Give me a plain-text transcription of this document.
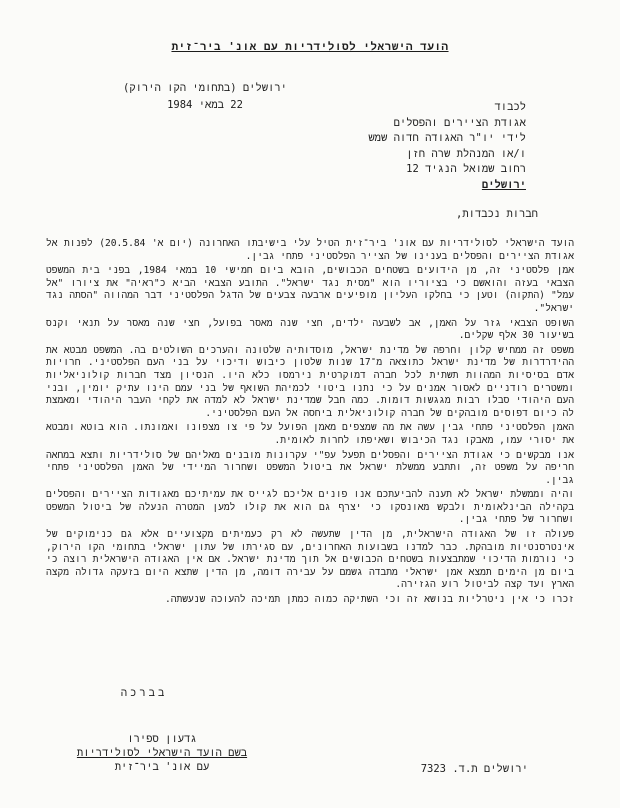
הועד הישראלי לסולידריות עם אונ' ביר־זית
ירושלים (בתחומי הקו הירוק)
22 במאי 1984	לכבוד
אגודת הציירים והפסלים
לידי יו"ר האגודה חדוה שמש
ו/או המנהלת שרה חזן
רחוב שמואל הנגיד 12
ירושלים
חברות נכבדות,

הועד הישראלי לסולידריות עם אונ' ביר־זית הטיל עלי בישיבתו האחרונה (יום א' 20.5.84) לפנות אל אגודת הציירים והפסלים בענינו של הצייר הפלסטיני פתחי גבין.

אמן פלסטיני זה, מן הידועים בשטחים הכבושים, הובא ביום חמישי 10 במאי 1984, בפני בית המשפט הצבאי בעזה והואשם כי בציוריו הוא "מסית נגד ישראל". התובע הצבאי הביא כ"ראיה" את ציורו "אל עמל" (התקוה) וטען כי בחלקו העליון מופיעים ארבעה צבעים של הדגל הפלסטיני דבר המהווה "הסתה נגד ישראל".

השופט הצבאי גזר על האמן, אב לשבעה ילדים, חצי שנה מאסר בפועל, חצי שנה מאסר על תנאי וקנס בשיעור 30 אלף שקלים.

משפט זה ממחיש קלון וחרפה של מדינת ישראל, מוסדותיה שלטונה והערכים השולטים בה. המשפט מבטא את ההידרדרות של מדינת ישראל כתוצאה מ־17 שנות שלטון כיבוש ודיכוי על בני העם הפלסטיני. חרויות אדם בסיסיות המהוות תשתית לכל חברה דמוקרטית נירמסו כלא היו. הנסיון מצד חברות קולוניאליות ומשטרים רודניים לאסור אמנים על כי נתנו ביטוי לכמיהת השואף של בני עמם הינו עתיק יומין, ובני העם היהודי סבלו רבות מגגשות דומות. כמה חבל שמדינת ישראל לא למדה את לקחי העבר היהודי ומאמצת לה כיום דפוסים מובהקים של חברה קולוניאלית ביחסה אל העם הפלסטיני.

האמן הפלסטיני פתחי גבין עשה את מה שמצפים מאמן הפועל על פי צו מצפונו ואמונתו. הוא בוטא ומבטא את יסורי עמו, מאבקו נגד הכיבוש ושאיפתו לחרות לאומית.

אנו מבקשים כי אגודת הציירים והפסלים תפעל עפ"י עקרונות מובנים מאליהם של סולידריות ותצא במחאה חריפה על משפט זה, ותתבע ממשלת ישראל את ביטול המשפט ושחרור המיידי של האמן הפלסטיני פתחי גבין.

והיה וממשלת ישראל לא תענה להביעתכם אנו פונים אליכם לגייס את עמיתיכם מאגודות הציירים והפסלים בקהילה הבינלאומית ולבקש מאונסקו כי יצרף גם הוא את קולו למען המטרה הנעלה של ביטול המשפט ושחרור של פתחי גבין.

פעולה זו של האגודה הישראלית, מן הדין שתעשה לא רק כעמיתים מקצועיים אלא גם כנימוקים של אינטרסנטיות מובהקת. כבר למדנו בשבועות האחרונים, עם סגירתו של עתון ישראלי בתחומי הקו הירוק, כי נורמות הדיכוי שמתבצעות בשטחים הכבושים אל תוך מדינת ישראל. אם אין האגודה הישראלית רוצה כי ביום מן הימים תמצא אמן ישראלי מתבדה גשמם על עבירה דומה, מן הדין שתצא היום בזעקה גדולה מקצה הארץ ועד קצה לביטול רוע הגזירה.

זכרו כי אין ניטרליות בנושא זה וכי השתיקה כמוה כמתן תמיכה להעוכה שנעשתה.

בברכה
גדעון ספירו
בשם הועד הישראלי לסולידריות
עם אונ' ביר־זית	ירושלים ת.ד. 7323
